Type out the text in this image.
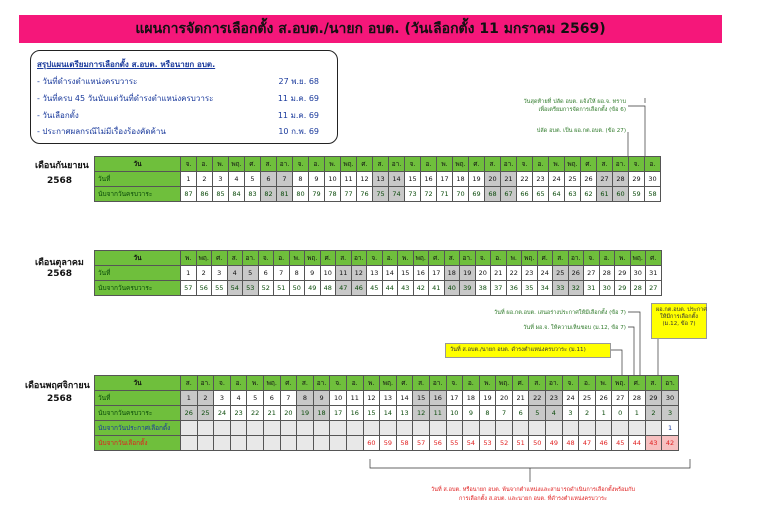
แผนการจัดการเลือกตั้ง ส.อบต./นายก อบต. (วันเลือกตั้ง 11 มกราคม 2569)
สรุปแผนเตรียมการเลือกตั้ง ส.อบต. หรือนายก อบต.
- วันที่ดำรงตำแหน่งครบวาระ	27 พ.ย. 68
- วันที่ครบ 45 วันนับแต่วันที่ดำรงตำแหน่งครบวาระ	11 ม.ค. 69
- วันเลือกตั้ง	11 ม.ค. 69
- ประกาศผลกรณีไม่มีเรื่องร้องคัดค้าน	10 ก.พ. 69
วันสุดท้ายที่ ปลัด อบต. แจ้งให้ ผอ.จ. ทราบ
เพื่อเตรียมการจัดการเลือกตั้ง (ข้อ 6)
ปลัด อบต. เป็น ผอ.กต.อบต. (ข้อ 27)
เดือนกันยายน
2568
เดือนตุลาคม
2568
เดือนพฤศจิกายน
2568
วัน	จ.	อ.	พ.	พฤ.	ศ.	ส.	อา.	จ.	อ.	พ.	พฤ.	ศ.	ส.	อา.	จ.	อ.	พ.	พฤ.	ศ.	ส.	อา.	จ.	อ.	พ.	พฤ.	ศ.	ส.	อา.	จ.	อ.
วันที่	1	2	3	4	5	6	7	8	9	10	11	12	13	14	15	16	17	18	19	20	21	22	23	24	25	26	27	28	29	30
นับจากวันครบวาระ	87	86	85	84	83	82	81	80	79	78	77	76	75	74	73	72	71	70	69	68	67	66	65	64	63	62	61	60	59	58
วัน	พ.	พฤ.	ศ.	ส.	อา.	จ.	อ.	พ.	พฤ.	ศ.	ส.	อา.	จ.	อ.	พ.	พฤ.	ศ.	ส.	อา.	จ.	อ.	พ.	พฤ.	ศ.	ส.	อา.	จ.	อ.	พ.	พฤ.	ศ.
วันที่	1	2	3	4	5	6	7	8	9	10	11	12	13	14	15	16	17	18	19	20	21	22	23	24	25	26	27	28	29	30	31
นับจากวันครบวาระ	57	56	55	54	53	52	51	50	49	48	47	46	45	44	43	42	41	40	39	38	37	36	35	34	33	32	31	30	29	28	27
วัน	ส.	อา.	จ.	อ.	พ.	พฤ.	ศ.	ส.	อา.	จ.	อ.	พ.	พฤ.	ศ.	ส.	อา.	จ.	อ.	พ.	พฤ.	ศ.	ส.	อา.	จ.	อ.	พ.	พฤ.	ศ.	ส.	อา.
วันที่	1	2	3	4	5	6	7	8	9	10	11	12	13	14	15	16	17	18	19	20	21	22	23	24	25	26	27	28	29	30
นับจากวันครบวาระ	26	25	24	23	22	21	20	19	18	17	16	15	14	13	12	11	10	9	8	7	6	5	4	3	2	1	0	1	2	3
นับจากวันประกาศเลือกตั้ง																														1
นับจากวันเลือกตั้ง												60	59	58	57	56	55	54	53	52	51	50	49	48	47	46	45	44	43	42
วันที่ ผอ.กต.อบต. เสนอร่างประกาศให้มีเลือกตั้ง (ข้อ 7)
วันที่ ผอ.จ. ให้ความเห็นชอบ (ม.12, ข้อ 7)
วันที่ ส.อบต./นายก อบต. ดำรงตำแหน่งครบวาระ (ม.11)
ผอ.กต.อบต. ประกาศ
ให้มีการเลือกตั้ง
(ม.12, ข้อ 7)
วันที่ ส.อบต. หรือนายก อบต. พ้นจากตำแหน่งและสามารถดำเนินการเลือกตั้งพร้อมกับ
การเลือกตั้ง ส.อบต. และนายก อบต. ที่ดำรงตำแหน่งครบวาระ
